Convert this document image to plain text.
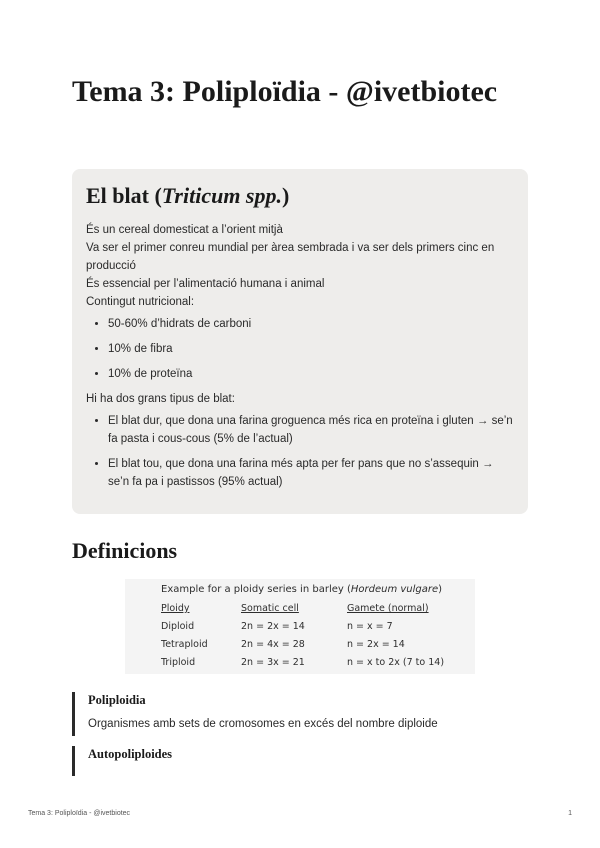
Tema 3: Poliploïdia - @ivetbiotec
El blat (Triticum spp.)

És un cereal domesticat a l’orient mitjà

Va ser el primer conreu mundial per àrea sembrada i va ser dels primers cinc en producció

És essencial per l’alimentació humana i animal

Contingut nutricional:

• 50-60% d’hidrats de carboni
• 10% de fibra
• 10% de proteïna

Hi ha dos grans tipus de blat:

• El blat dur, que dona una farina groguenca més rica en proteïna i gluten → se’n fa pasta i cous-cous (5% de l’actual)
• El blat tou, que dona una farina més apta per fer pans que no s’assequin → se’n fa pa i pastissos (95% actual)
Definicions

Example for a ploidy series in barley (Hordeum vulgare)

Ploidy	Somatic cell	Gamete (normal)
Diploid	2n = 2x = 14	n = x = 7
Tetraploid	2n = 4x = 28	n = 2x = 14
Triploid	2n = 3x = 21	n = x to 2x (7 to 14)

Poliploidia

Organismes amb sets de cromosomes en excés del nombre diploide

Autopoliploides

Tema 3: Poliploïdia - @ivetbiotec	1
